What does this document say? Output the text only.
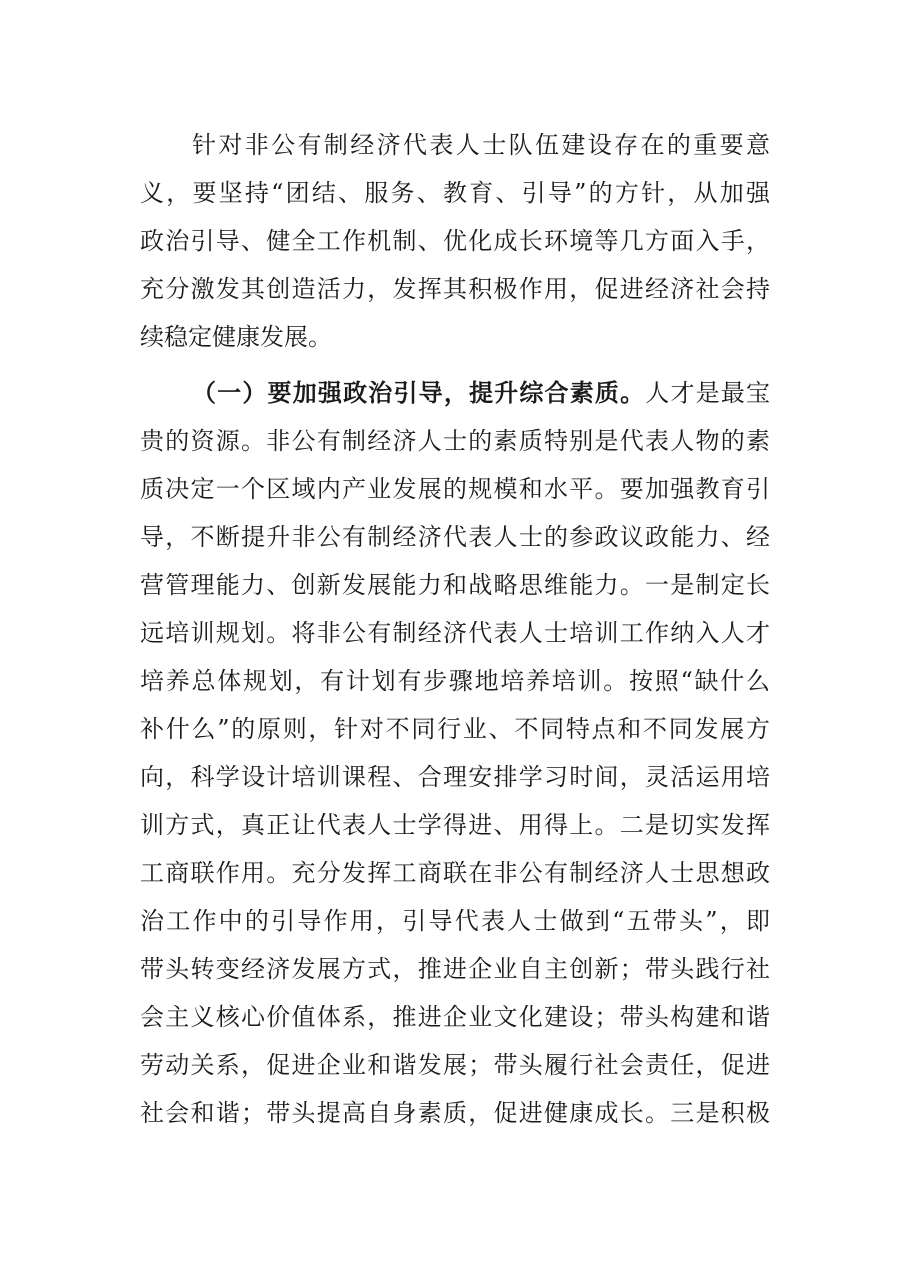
针对非公有制经济代表人士队伍建设存在的重要意
义，要坚持“团结、服务、教育、引导”的方针，从加强
政治引导、健全工作机制、优化成长环境等几方面入手，
充分激发其创造活力，发挥其积极作用，促进经济社会持
续稳定健康发展。
（一）要加强政治引导，提升综合素质。人才是最宝
贵的资源。非公有制经济人士的素质特别是代表人物的素
质决定一个区域内产业发展的规模和水平。要加强教育引
导，不断提升非公有制经济代表人士的参政议政能力、经
营管理能力、创新发展能力和战略思维能力。一是制定长
远培训规划。将非公有制经济代表人士培训工作纳入人才
培养总体规划，有计划有步骤地培养培训。按照“缺什么
补什么”的原则，针对不同行业、不同特点和不同发展方
向，科学设计培训课程、合理安排学习时间，灵活运用培
训方式，真正让代表人士学得进、用得上。二是切实发挥
工商联作用。充分发挥工商联在非公有制经济人士思想政
治工作中的引导作用，引导代表人士做到“五带头”，即
带头转变经济发展方式，推进企业自主创新；带头践行社
会主义核心价值体系，推进企业文化建设；带头构建和谐
劳动关系，促进企业和谐发展；带头履行社会责任，促进
社会和谐；带头提高自身素质，促进健康成长。三是积极
